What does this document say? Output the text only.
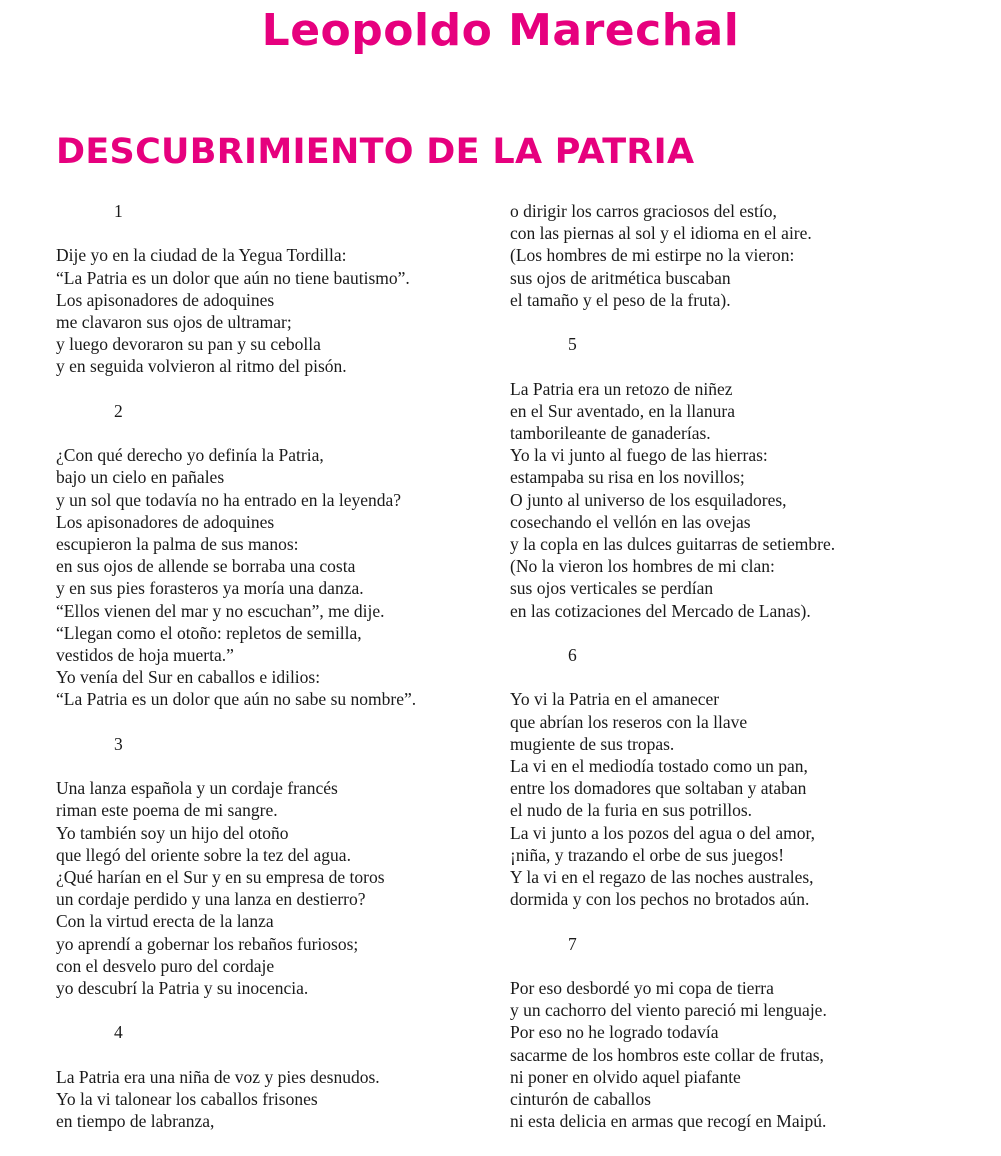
Leopoldo Marechal
DESCUBRIMIENTO DE LA PATRIA
1
Dije yo en la ciudad de la Yegua Tordilla:
“La Patria es un dolor que aún no tiene bautismo”.
Los apisonadores de adoquines
me clavaron sus ojos de ultramar;
y luego devoraron su pan y su cebolla
y en seguida volvieron al ritmo del pisón.
2
¿Con qué derecho yo definía la Patria,
bajo un cielo en pañales
y un sol que todavía no ha entrado en la leyenda?
Los apisonadores de adoquines
escupieron la palma de sus manos:
en sus ojos de allende se borraba una costa
y en sus pies forasteros ya moría una danza.
“Ellos vienen del mar y no escuchan”, me dije.
“Llegan como el otoño: repletos de semilla,
vestidos de hoja muerta.”
Yo venía del Sur en caballos e idilios:
“La Patria es un dolor que aún no sabe su nombre”.
3
Una lanza española y un cordaje francés
riman este poema de mi sangre.
Yo también soy un hijo del otoño
que llegó del oriente sobre la tez del agua.
¿Qué harían en el Sur y en su empresa de toros
un cordaje perdido y una lanza en destierro?
Con la virtud erecta de la lanza
yo aprendí a gobernar los rebaños furiosos;
con el desvelo puro del cordaje
yo descubrí la Patria y su inocencia.
4
La Patria era una niña de voz y pies desnudos.
Yo la vi talonear los caballos frisones
en tiempo de labranza,
o dirigir los carros graciosos del estío,
con las piernas al sol y el idioma en el aire.
(Los hombres de mi estirpe no la vieron:
sus ojos de aritmética buscaban
el tamaño y el peso de la fruta).
5
La Patria era un retozo de niñez
en el Sur aventado, en la llanura
tamborileante de ganaderías.
Yo la vi junto al fuego de las hierras:
estampaba su risa en los novillos;
O junto al universo de los esquiladores,
cosechando el vellón en las ovejas
y la copla en las dulces guitarras de setiembre.
(No la vieron los hombres de mi clan:
sus ojos verticales se perdían
en las cotizaciones del Mercado de Lanas).
6
Yo vi la Patria en el amanecer
que abrían los reseros con la llave
mugiente de sus tropas.
La vi en el mediodía tostado como un pan,
entre los domadores que soltaban y ataban
el nudo de la furia en sus potrillos.
La vi junto a los pozos del agua o del amor,
¡niña, y trazando el orbe de sus juegos!
Y la vi en el regazo de las noches australes,
dormida y con los pechos no brotados aún.
7
Por eso desbordé yo mi copa de tierra
y un cachorro del viento pareció mi lenguaje.
Por eso no he logrado todavía
sacarme de los hombros este collar de frutas,
ni poner en olvido aquel piafante
cinturón de caballos
ni esta delicia en armas que recogí en Maipú.
